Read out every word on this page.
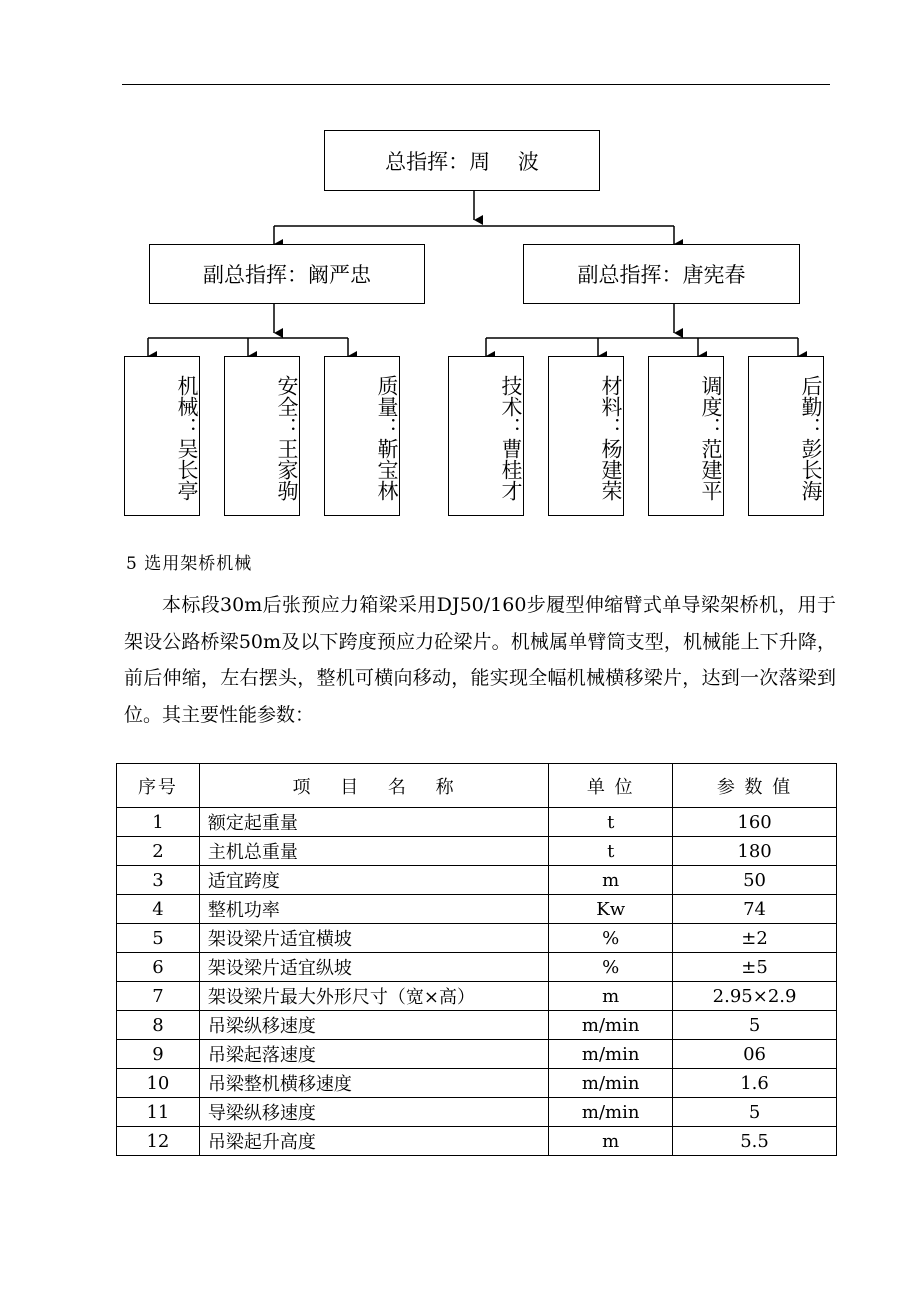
总指挥：周　 波
副总指挥：阚严忠	副总指挥：唐宪春
机械：吴长亭	安全：王家驹	质量：靳宝林	技术：曹桂才	材料：杨建荣	调度：范建平	后勤：彭长海
5 选用架桥机械

本标段30m后张预应力箱梁采用DJ50/160步履型伸缩臂式单导梁架桥机，用于架设公路桥梁50m及以下跨度预应力砼梁片。机械属单臂筒支型，机械能上下升降，前后伸缩，左右摆头，整机可横向移动，能实现全幅机械横移梁片，达到一次落梁到位。其主要性能参数：

序号	项　 目　 名　 称	单 位	参 数 值
1	额定起重量	t	160
2	主机总重量	t	180
3	适宜跨度	m	50
4	整机功率	Kw	74
5	架设梁片适宜横坡	%	±2
6	架设梁片适宜纵坡	%	±5
7	架设梁片最大外形尺寸（宽×高）	m	2.95×2.9
8	吊梁纵移速度	m/min	5
9	吊梁起落速度	m/min	06
10	吊梁整机横移速度	m/min	1.6
11	导梁纵移速度	m/min	5
12	吊梁起升高度	m	5.5
